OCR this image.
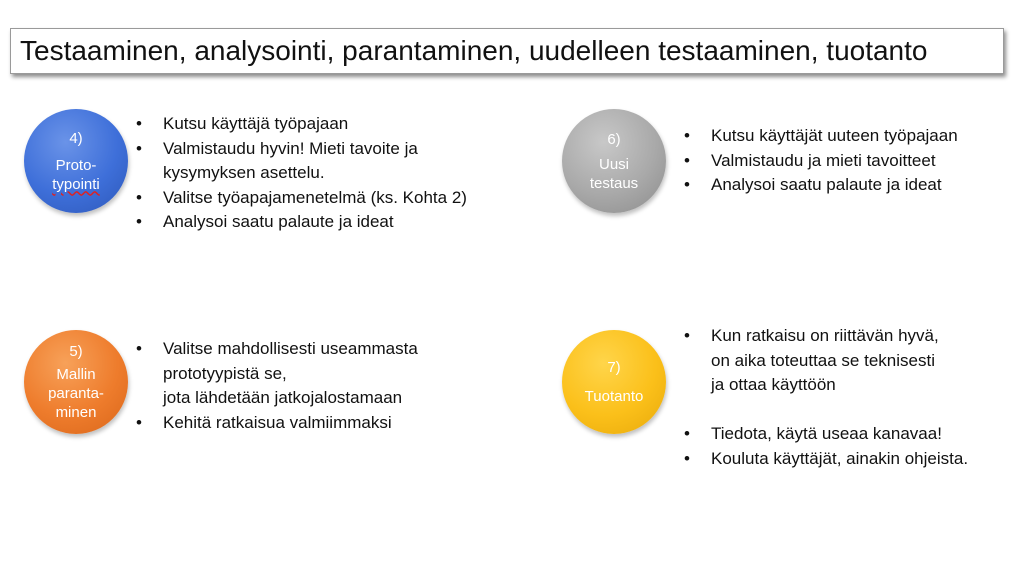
Testaaminen, analysointi, parantaminen, uudelleen testaaminen, tuotanto
4)
Proto-
typointi
• Kutsu käyttäjä työpajaan
• Valmistaudu hyvin! Mieti tavoite ja
kysymyksen asettelu.
• Valitse työapajamenetelmä (ks. Kohta 2)
• Analysoi saatu palaute ja ideat
6)
Uusi
testaus
• Kutsu käyttäjät uuteen työpajaan
• Valmistaudu ja mieti tavoitteet
• Analysoi saatu palaute ja ideat
5)
Mallin
paranta-
minen
• Valitse mahdollisesti useammasta
prototyypistä se,
jota lähdetään jatkojalostamaan
• Kehitä ratkaisua valmiimmaksi
7)
Tuotanto
• Kun ratkaisu on riittävän hyvä,
on aika toteuttaa se teknisesti
ja ottaa käyttöön
• Tiedota, käytä useaa kanavaa!
• Kouluta käyttäjät, ainakin ohjeista.
